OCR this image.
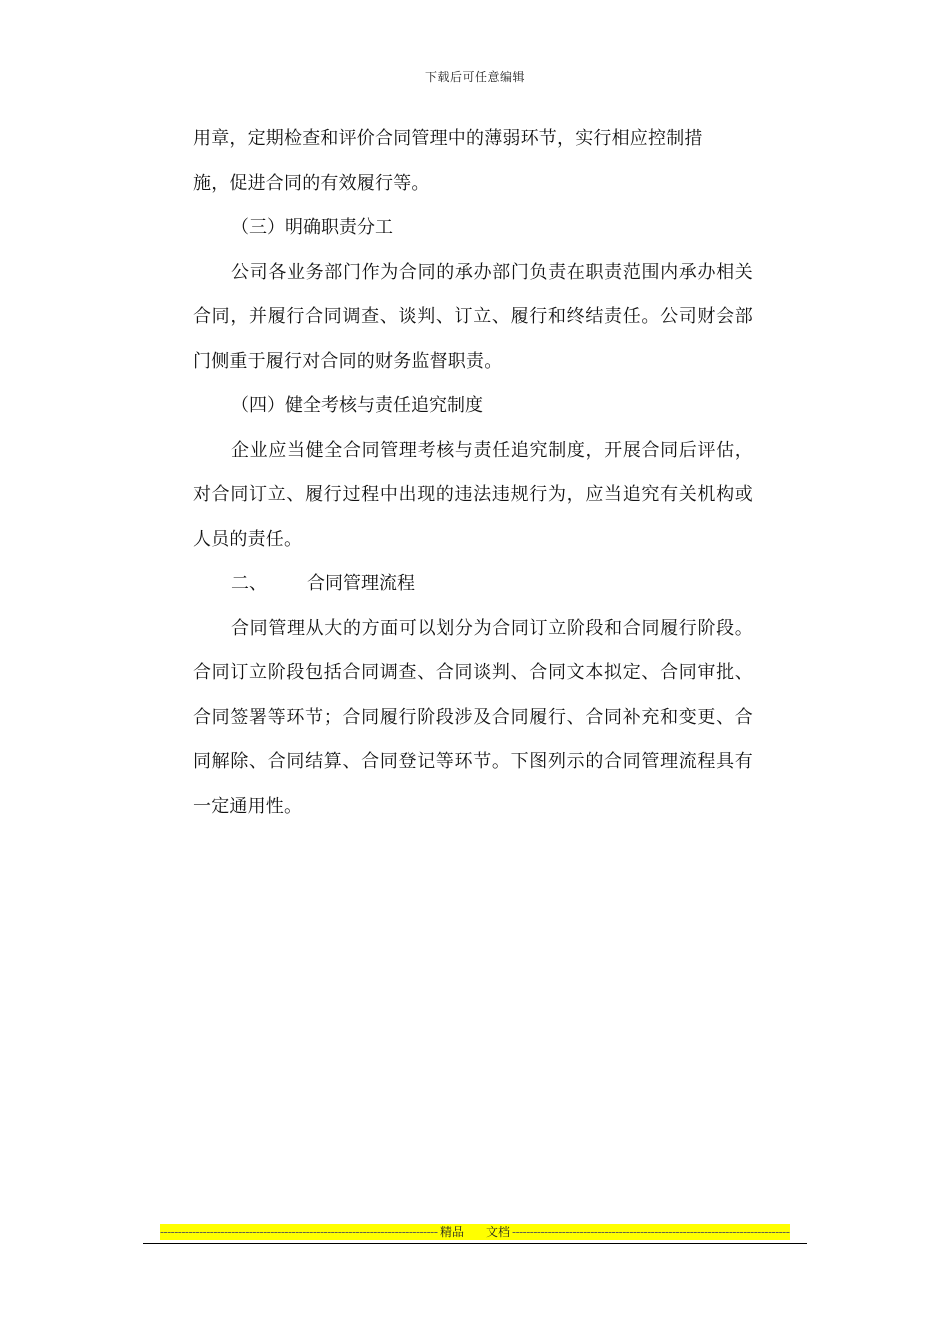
下载后可任意编辑

用章，定期检查和评价合同管理中的薄弱环节，实行相应控制措
施，促进合同的有效履行等。

（三）明确职责分工

公司各业务部门作为合同的承办部门负责在职责范围内承办相关合同，并履行合同调查、谈判、订立、履行和终结责任。公司财会部门侧重于履行对合同的财务监督职责。

（四）健全考核与责任追究制度

企业应当健全合同管理考核与责任追究制度，开展合同后评估，对合同订立、履行过程中出现的违法违规行为，应当追究有关机构或人员的责任。

二、 合同管理流程

合同管理从大的方面可以划分为合同订立阶段和合同履行阶段。合同订立阶段包括合同调查、合同谈判、合同文本拟定、合同审批、合同签署等环节；合同履行阶段涉及合同履行、合同补充和变更、合同解除、合同结算、合同登记等环节。下图列示的合同管理流程具有一定通用性。

-----
精品 文档
-----
